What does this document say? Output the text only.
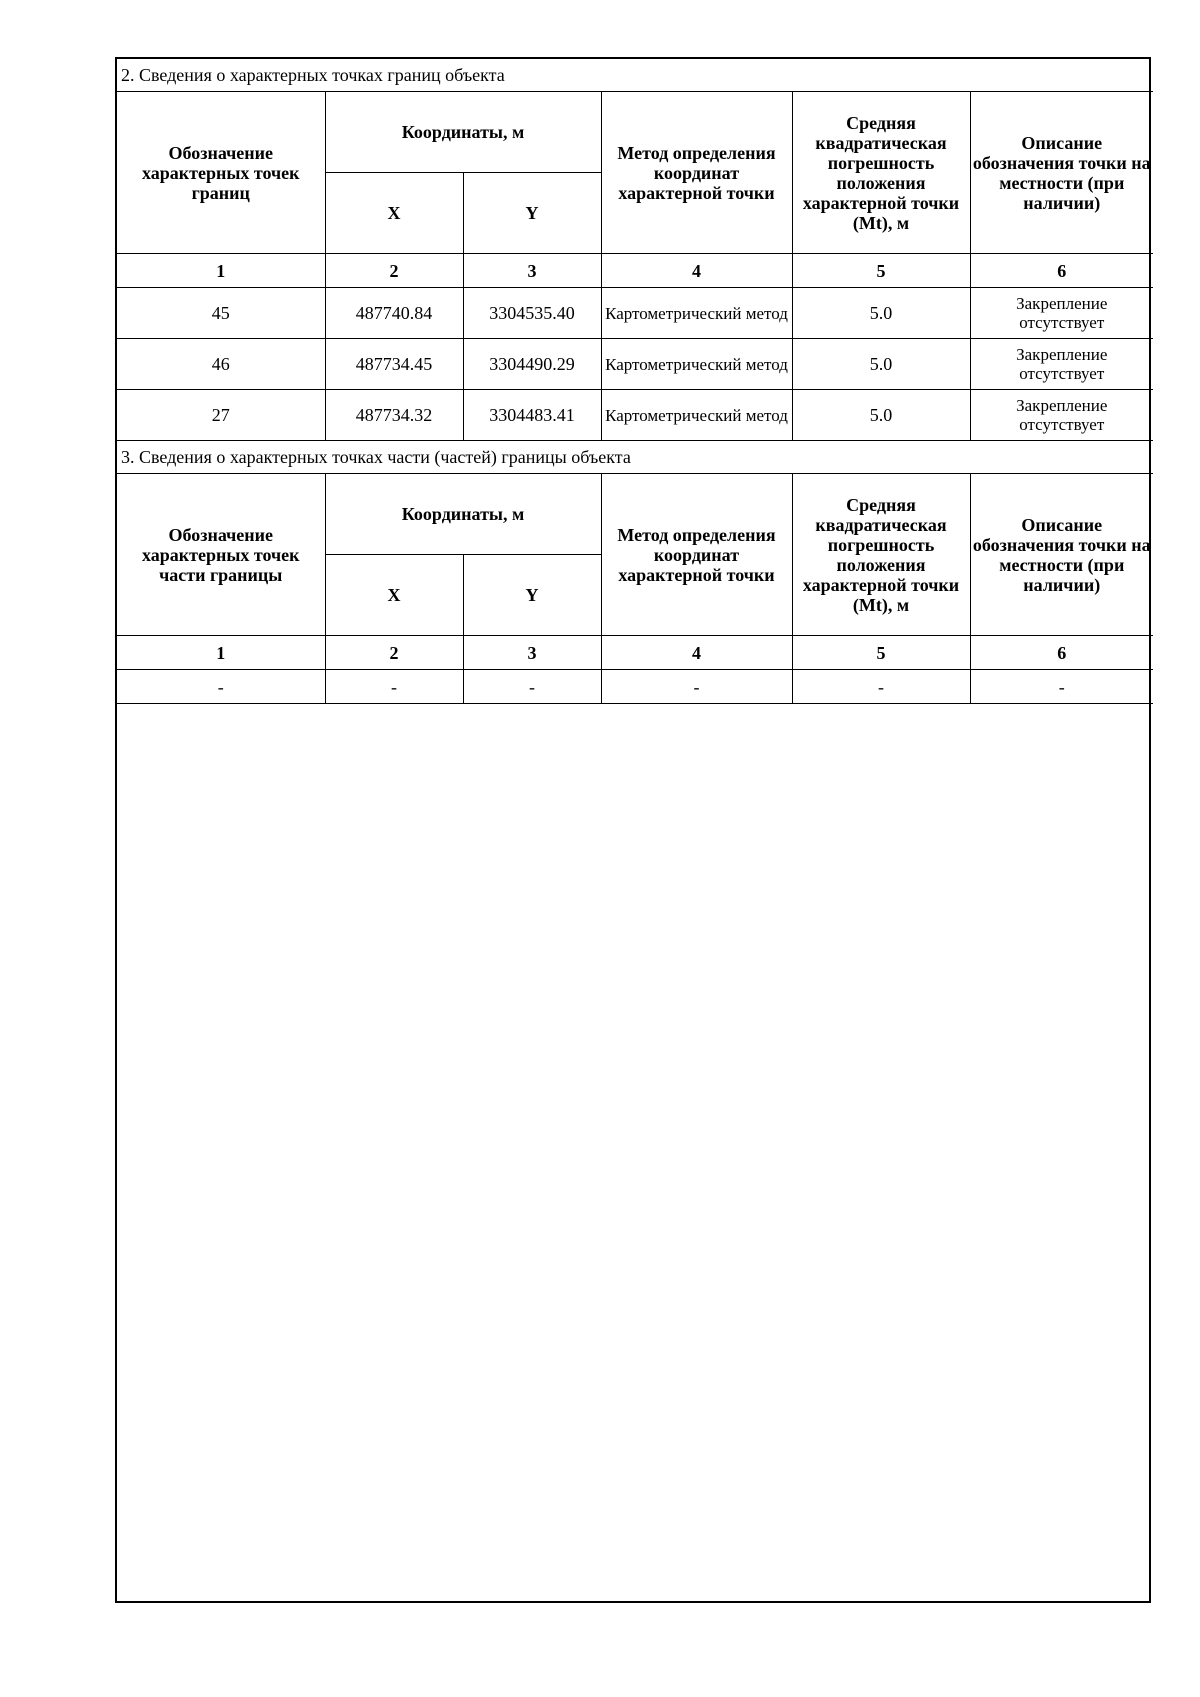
2. Сведения о характерных точках границ объекта					
Обозначение характерных точек границ	Координаты, м		Метод определения координат характерной точки	Средняя квадратическая погрешность положения характерной точки (Mt), м	Описание обозначения точки на местности (при наличии)
	X	Y			
1	2	3	4	5	6
45	487740.84	3304535.40	Картометрический метод	5.0	Закрепление отсутствует
46	487734.45	3304490.29	Картометрический метод	5.0	Закрепление отсутствует
27	487734.32	3304483.41	Картометрический метод	5.0	Закрепление отсутствует
3. Сведения о характерных точках части (частей) границы объекта					
Обозначение характерных точек части границы	Координаты, м		Метод определения координат характерной точки	Средняя квадратическая погрешность положения характерной точки (Mt), м	Описание обозначения точки на местности (при наличии)
	X	Y			
1	2	3	4	5	6
-	-	-	-	-	-
